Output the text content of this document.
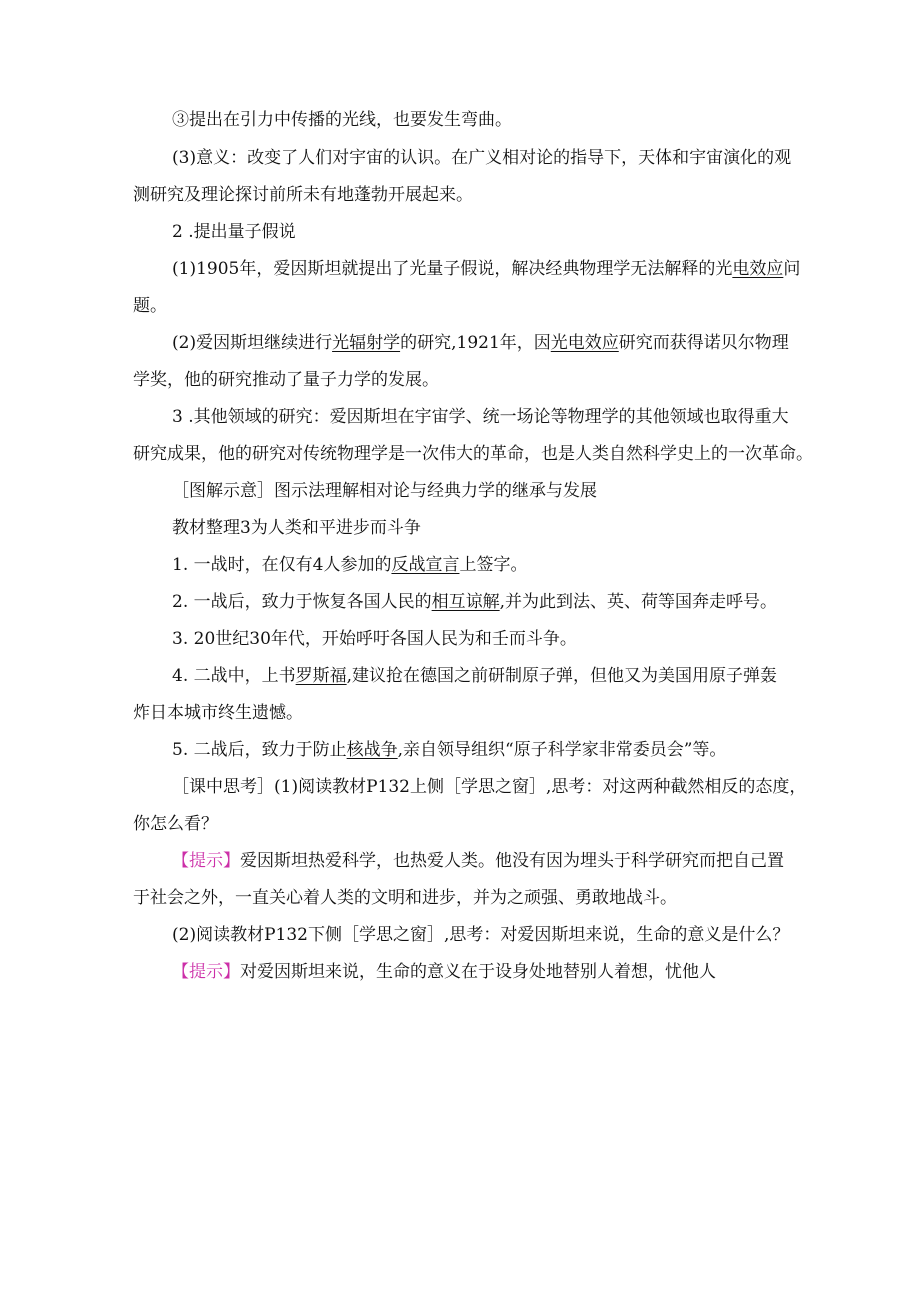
③提出在引力中传播的光线，也要发生弯曲。
(3)意义：改变了人们对宇宙的认识。在广义相对论的指导下，天体和宇宙演化的观
测研究及理论探讨前所未有地蓬勃开展起来。
2 .提出量子假说
(1)1905年，爱因斯坦就提出了光量子假说，解决经典物理学无法解释的光电效应问
题。
(2)爱因斯坦继续进行光辐射学的研究,1921年，因光电效应研究而获得诺贝尔物理
学奖，他的研究推动了量子力学的发展。
3 .其他领域的研究：爱因斯坦在宇宙学、统一场论等物理学的其他领域也取得重大
研究成果，他的研究对传统物理学是一次伟大的革命，也是人类自然科学史上的一次革命。
［图解示意］图示法理解相对论与经典力学的继承与发展
教材整理3为人类和平进步而斗争
1. 一战时，在仅有4人参加的反战宣言上签字。
2. 一战后，致力于恢复各国人民的相互谅解,并为此到法、英、荷等国奔走呼号。
3. 20世纪30年代，开始呼吁各国人民为和壬而斗争。
4. 二战中，上书罗斯福,建议抢在德国之前研制原子弹，但他又为美国用原子弹轰
炸日本城市终生遗憾。
5. 二战后，致力于防止核战争,亲自领导组织“原子科学家非常委员会”等。
［课中思考］(1)阅读教材P132上侧［学思之窗］,思考：对这两种截然相反的态度，
你怎么看？
【提示】爱因斯坦热爱科学，也热爱人类。他没有因为埋头于科学研究而把自己置
于社会之外，一直关心着人类的文明和进步，并为之顽强、勇敢地战斗。
(2)阅读教材P132下侧［学思之窗］,思考：对爱因斯坦来说，生命的意义是什么？
【提示】对爱因斯坦来说，生命的意义在于设身处地替别人着想，忧他人
